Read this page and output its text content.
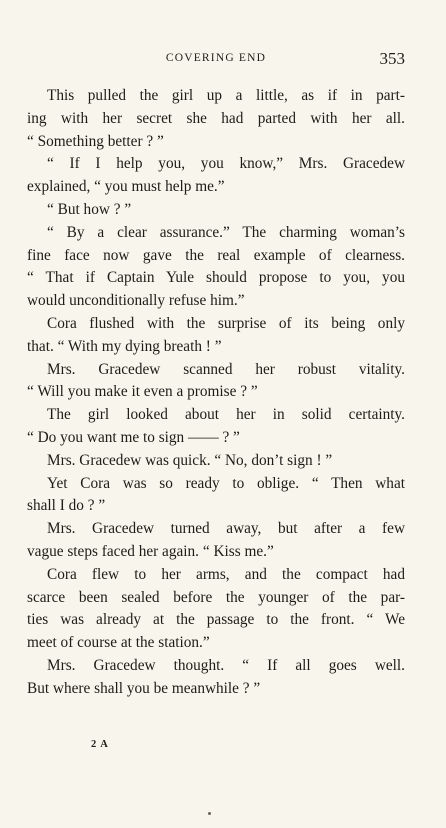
COVERING END	353
This pulled the girl up a little, as if in part-
ing with her secret she had parted with her all.
“ Something better ? ”
“ If I help you, you know,” Mrs. Gracedew
explained, “ you must help me.”
“ But how ? ”
“ By a clear assurance.” The charming woman’s
fine face now gave the real example of clearness.
“ That if Captain Yule should propose to you, you
would unconditionally refuse him.”
Cora flushed with the surprise of its being only
that. “ With my dying breath ! ”
Mrs. Gracedew scanned her robust vitality.
“ Will you make it even a promise ? ”
The girl looked about her in solid certainty.
“ Do you want me to sign —— ? ”
Mrs. Gracedew was quick. “ No, don’t sign ! ”
Yet Cora was so ready to oblige. “ Then what
shall I do ? ”
Mrs. Gracedew turned away, but after a few
vague steps faced her again. “ Kiss me.”
Cora flew to her arms, and the compact had
scarce been sealed before the younger of the par-
ties was already at the passage to the front. “ We
meet of course at the station.”
Mrs. Gracedew thought. “ If all goes well.
But where shall you be meanwhile ? ”
2 A
